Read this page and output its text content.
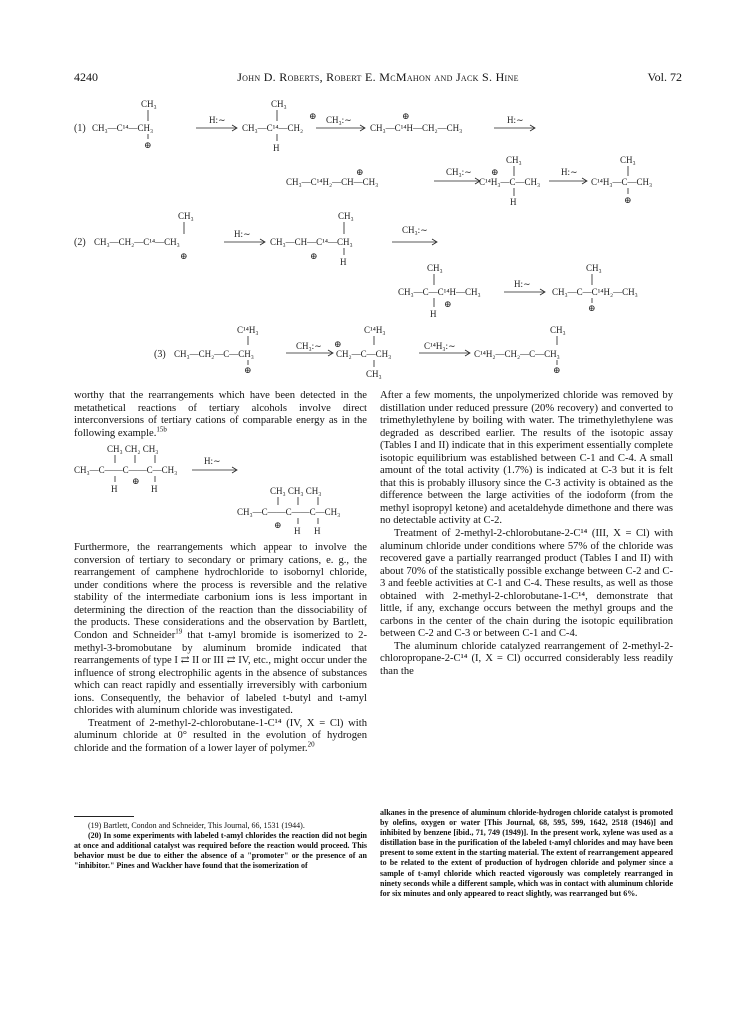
4240	John D. Roberts, Robert E. McMahon and Jack S. Hine	Vol. 72
(1)
CH₃
CH₃—C¹⁴—CH₃
⊕
H:∼
CH₃
CH₃—C¹⁴—CH₂
⊕
H
CH₃:∼	⊕
CH₃—C¹⁴H—CH₂—CH₃
H:∼
CH₃	CH₃
⊕
CH₃—C¹⁴H₂—CH—CH₃
CH₃:∼ ⊕
C¹⁴H₃—C—CH₃
H
H:∼
C¹⁴H₃—C—CH₃
⊕
(2)
CH₃
CH₃—CH₂—C¹⁴—CH₃
⊕
H:∼
CH₃
CH₃—CH—C¹⁴—CH₃
⊕
H
CH₃:∼
CH₃
CH₃—C—C¹⁴H—CH₃
⊕
H
H:∼
CH₃
CH₃—C—C¹⁴H₂—CH₃
⊕
C¹⁴H₃
(3) CH₃—CH₂—C—CH₃
⊕
CH₃:∼ ⊕
C¹⁴H₃
CH₂—C—CH₃
CH₃
C¹⁴H₃:∼
CH₃
C¹⁴H₂—CH₂—C—CH₃
⊕

worthy that the rearrangements which have been detected in the metathetical reactions of tertiary alcohols involve direct interconversions of tertiary cations of comparable energy as in the following example.$^{15b}$

CH₃ CH₂ CH₃
CH₃—C——C——C—CH₃
H	H
⊕
H:∼
CH₃ CH₃ CH₃
CH₃—C——C——C—CH₃
⊕
H H

Furthermore, the rearrangements which appear to involve the conversion of tertiary to secondary or primary cations, e. g., the rearrangement of camphene hydrochloride to isobornyl chloride, under conditions where the process is reversible and the relative stability of the intermediate carbonium ions is less important in determining the direction of the reaction than the dissociability of the products. These considerations and the observation by Bartlett, Condon and Schneider$^{19}$ that t-amyl bromide is isomerized to 2-methyl-3-bromobutane by aluminum bromide indicated that rearrangements of type I ⇄ II or III ⇄ IV, etc., might occur under the influence of strong electrophilic agents in the absence of substances which can react rapidly and essentially irreversibly with carbonium ions. Consequently, the behavior of labeled t-butyl and t-amyl chlorides with aluminum chloride was investigated.

Treatment of 2-methyl-2-chlorobutane-1-C¹⁴ (IV, X = Cl) with aluminum chloride at 0° resulted in the evolution of hydrogen chloride and the formation of a lower layer of polymer.$^{20}$

(19) Bartlett, Condon and Schneider, This Journal, 66, 1531 (1944).

(20) In some experiments with labeled t-amyl chlorides the reaction did not begin at once and additional catalyst was required before the reaction would proceed. This behavior must be due to either the absence of a "promoter" or the presence of an "inhibitor." Pines and Wackher have found that the isomerization of

After a few moments, the unpolymerized chloride was removed by distillation under reduced pressure (20% recovery) and converted to trimethylethylene by boiling with water. The trimethylethylene was degraded as described earlier. The results of the isotopic assay (Tables I and II) indicate that in this experiment essentially complete isotopic equilibrium was established between C-1 and C-4. A small amount of the total activity (1.7%) is indicated at C-3 but it is felt that this is probably illusory since the C-3 activity is obtained as the difference between the large activities of the iodoform (from the methyl isopropyl ketone) and acetaldehyde dimethone and there was no detectable activity at C-2.

Treatment of 2-methyl-2-chlorobutane-2-C¹⁴ (III, X = Cl) with aluminum chloride under conditions where 57% of the chloride was recovered gave a partially rearranged product (Tables I and II) with about 70% of the statistically possible exchange between C-2 and C-3 and feeble activities at C-1 and C-4. These results, as well as those obtained with 2-methyl-2-chlorobutane-1-C¹⁴, demonstrate that little, if any, exchange occurs between the methyl groups and the carbons in the center of the chain during the isotopic equilibration between C-2 and C-3 or between C-1 and C-4.

The aluminum chloride catalyzed rearrangement of 2-methyl-2-chloropropane-2-C¹⁴ (I, X = Cl) occurred considerably less readily than the

alkanes in the presence of aluminum chloride-hydrogen chloride catalyst is promoted by olefins, oxygen or water [This Journal, 68, 595, 599, 1642, 2518 (1946)] and inhibited by benzene [ibid., 71, 749 (1949)]. In the present work, xylene was used as a distillation base in the purification of the labeled t-amyl chlorides and may have been present to some extent in the starting material. The extent of rearrangement appeared to be related to the extent of production of hydrogen chloride and polymer since a sample of t-amyl chloride which reacted vigorously was completely rearranged in ninety seconds while a different sample, which was in contact with aluminum chloride for six minutes and only appeared to react slightly, was rearranged but 6%.
